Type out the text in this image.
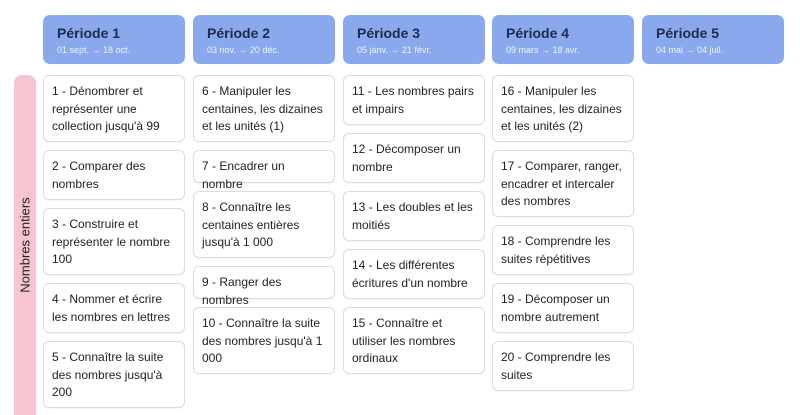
Période 1
01 sept. → 18 oct.
Période 2
03 nov. → 20 déc.
Période 3
05 janv. → 21 févr.
Période 4
09 mars → 18 avr.
Période 5
04 mai → 04 juil.
Nombres entiers
1 - Dénombrer et représenter une collection jusqu'à 99
2 - Comparer des nombres
3 - Construire et représenter le nombre 100
4 - Nommer et écrire les nombres en lettres
5 - Connaître la suite des nombres jusqu'à 200
6 - Manipuler les centaines, les dizaines et les unités (1)
7 - Encadrer un nombre
8 - Connaître les centaines entières jusqu'à 1 000
9 - Ranger des nombres
10 - Connaître la suite des nombres jusqu'à 1 000
11 - Les nombres pairs et impairs
12 - Décomposer un nombre
13 - Les doubles et les moitiés
14 - Les différentes écritures d'un nombre
15 - Connaître et utiliser les nombres ordinaux
16 - Manipuler les centaines, les dizaines et les unités (2)
17 - Comparer, ranger, encadrer et intercaler des nombres
18 - Comprendre les suites répétitives
19 - Décomposer un nombre autrement
20 - Comprendre les suites
